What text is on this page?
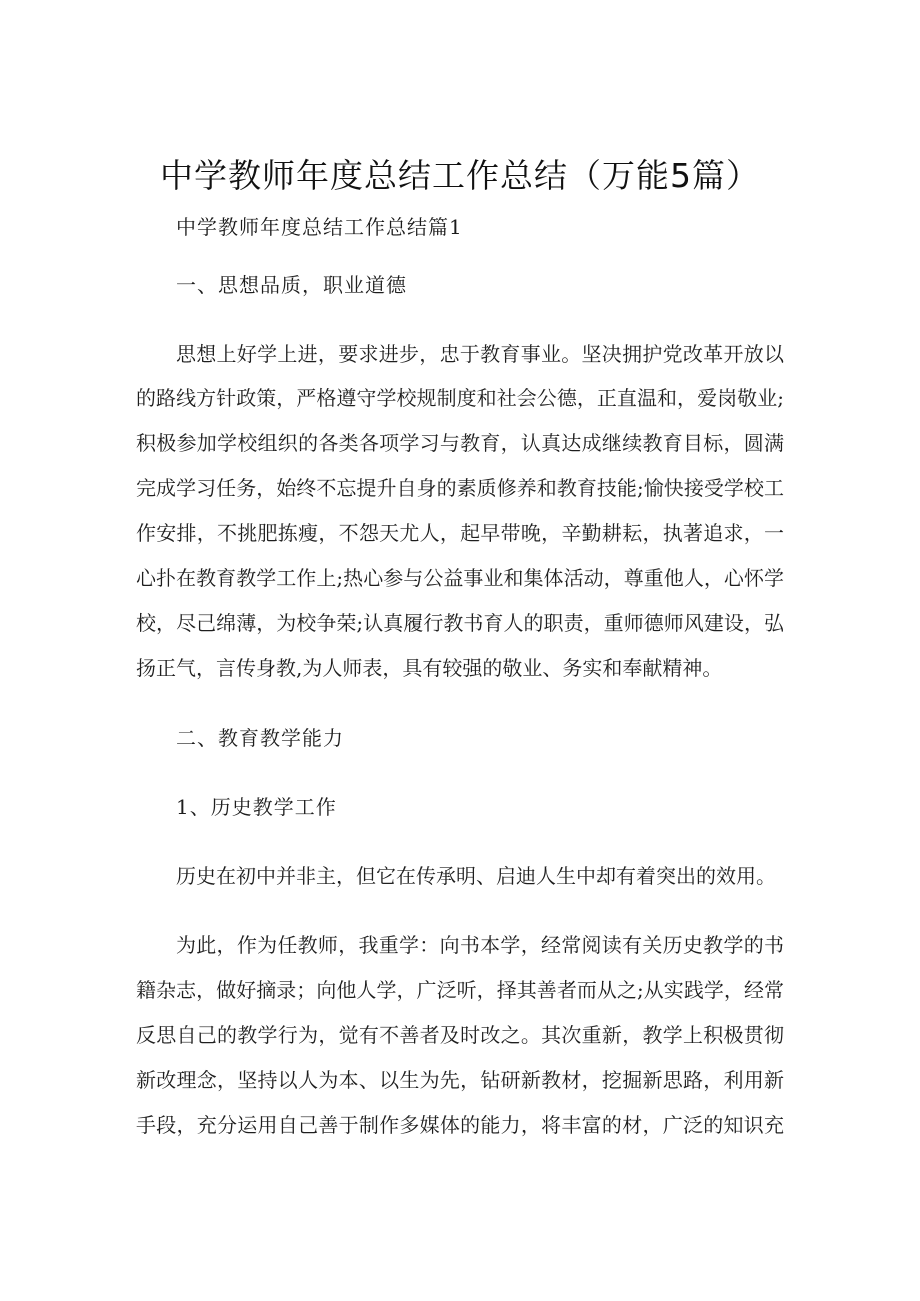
中学教师年度总结工作总结（万能5篇）
中学教师年度总结工作总结篇1

一、思想品质，职业道德

思想上好学上进，要求进步，忠于教育事业。坚决拥护党改革开放以

的路线方针政策，严格遵守学校规制度和社会公德，正直温和，爱岗敬业;

积极参加学校组织的各类各项学习与教育，认真达成继续教育目标，圆满

完成学习任务，始终不忘提升自身的素质修养和教育技能;愉快接受学校工

作安排，不挑肥拣瘦，不怨天尤人，起早带晚，辛勤耕耘，执著追求，一

心扑在教育教学工作上;热心参与公益事业和集体活动，尊重他人，心怀学

校，尽己绵薄，为校争荣;认真履行教书育人的职责，重师德师风建设，弘

扬正气，言传身教,为人师表，具有较强的敬业、务实和奉献精神。

二、教育教学能力

1、历史教学工作

历史在初中并非主，但它在传承明、启迪人生中却有着突出的效用。

为此，作为任教师，我重学：向书本学，经常阅读有关历史教学的书

籍杂志，做好摘录；向他人学，广泛听，择其善者而从之;从实践学，经常

反思自己的教学行为，觉有不善者及时改之。其次重新，教学上积极贯彻

新改理念，坚持以人为本、以生为先，钻研新教材，挖掘新思路，利用新

手段，充分运用自己善于制作多媒体的能力，将丰富的材，广泛的知识充
